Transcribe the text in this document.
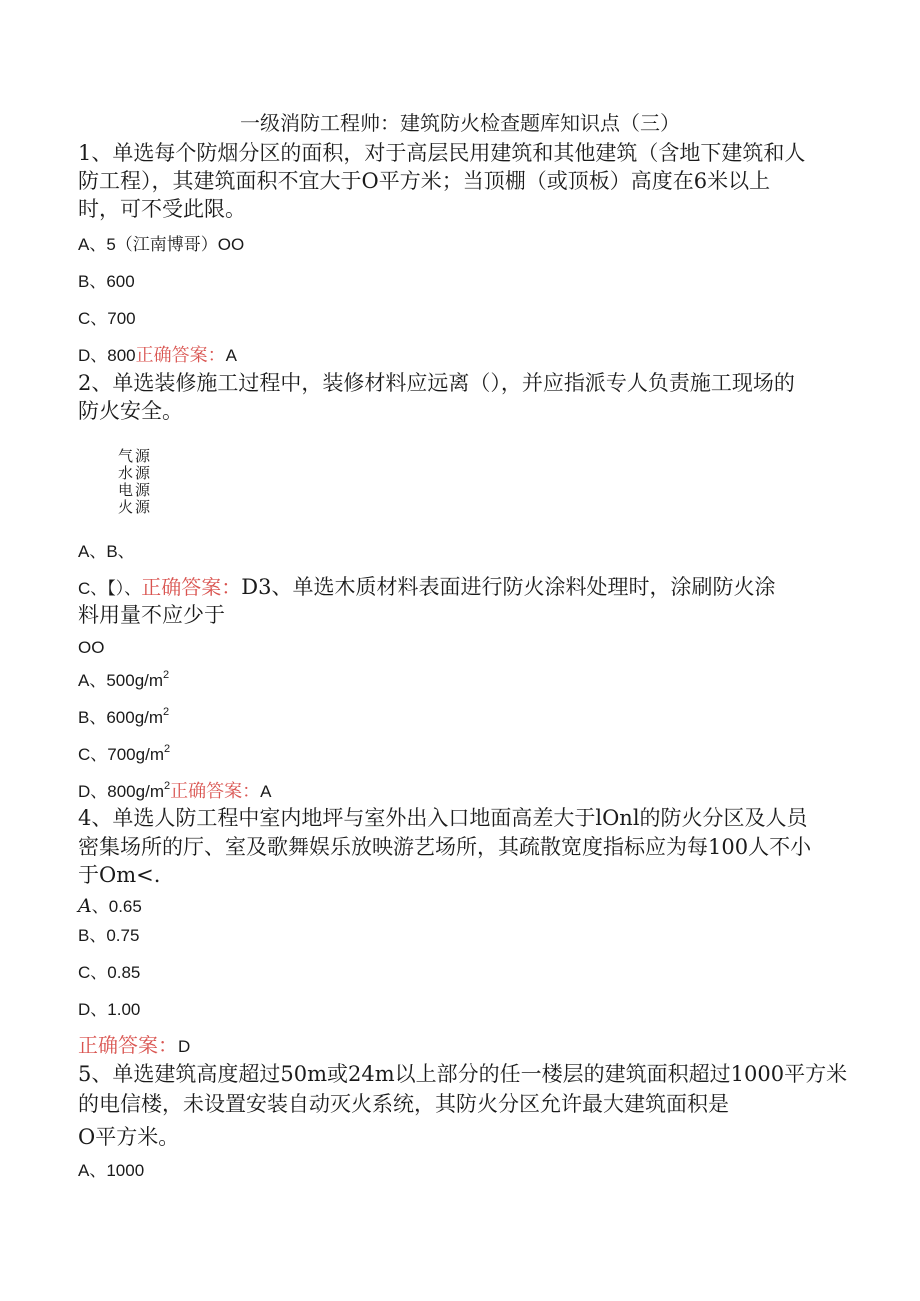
一级消防工程帅：建筑防火检查题库知识点（三）
1、单选每个防烟分区的面积，对于高层民用建筑和其他建筑（含地下建筑和人
防工程），其建筑面积不宜大于O平方米；当顶棚（或顶板）高度在6米以上
时，可不受此限。
A、5（江南博哥）OO
B、600
C、700
D、800正确答案：A
2、单选装修施工过程中，装修材料应远离（），并应指派专人负责施工现场的
防火安全。
气源
水源
电源
火源
A、B、
C、【）、正确答案：D3、单选木质材料表面进行防火涂料处理时，涂刷防火涂
料用量不应少于
OO
A、$500g/m^2$
B、$600g/m^2$
C、$700g/m^2$
D、$800g/m^2$正确答案：A
4、单选人防工程中室内地坪与室外出入口地面高差大于lOnl的防火分区及人员
密集场所的厅、室及歌舞娱乐放映游艺场所，其疏散宽度指标应为每100人不小
于Om<.
A、0.65
B、0.75
C、0.85
D、1.00
正确答案：D
5、单选建筑高度超过50m或24m以上部分的任一楼层的建筑面积超过1000平方米
的电信楼，未设置安装自动灭火系统，其防火分区允许最大建筑面积是
O平方米。
A、1000
